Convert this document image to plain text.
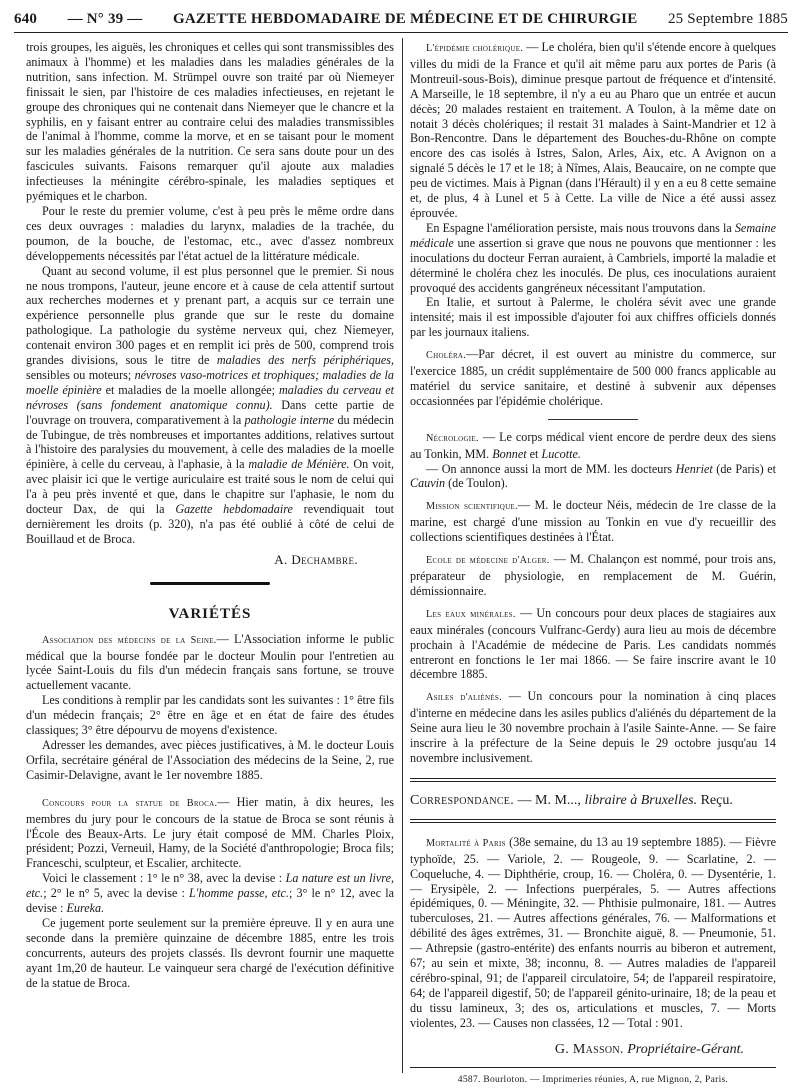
640 — N° 39 — GAZETTE HEBDOMADAIRE DE MÉDECINE ET DE CHIRURGIE 25 Septembre 1885

trois groupes, les aiguës, les chroniques et celles qui sont transmissibles des animaux à l'homme) et les maladies dans les maladies générales de la nutrition, sans infection. M. Strümpel ouvre son traité par où Niemeyer finissait le sien, par l'histoire de ces maladies infectieuses, en rejetant le groupe des chroniques qui ne contenait dans Niemeyer que le chancre et la syphilis, en y faisant entrer au contraire celui des maladies transmissibles de l'animal à l'homme, comme la morve, et en se taisant pour le moment sur les maladies générales de la nutrition. Ce sera sans doute pour un des fascicules suivants. Faisons remarquer qu'il ajoute aux maladies infectieuses la méningite cérébro-spinale, les maladies septiques et pyémiques et le charbon.

Pour le reste du premier volume, c'est à peu près le même ordre dans ces deux ouvrages : maladies du larynx, maladies de la trachée, du poumon, de la bouche, de l'estomac, etc., avec d'assez nombreux développements nécessités par l'état actuel de la littérature médicale.

Quant au second volume, il est plus personnel que le premier. Si nous ne nous trompons, l'auteur, jeune encore et à cause de cela attentif surtout aux recherches modernes et y prenant part, a acquis sur ce terrain une expérience personnelle plus grande que sur le reste du domaine pathologique. La pathologie du système nerveux qui, chez Niemeyer, contenait environ 300 pages et en remplit ici près de 500, comprend trois grandes divisions, sous le titre de maladies des nerfs périphériques, sensibles ou moteurs; névroses vaso-motrices et trophiques; maladies de la moelle épinière et maladies de la moelle allongée; maladies du cerveau et névroses (sans fondement anatomique connu). Dans cette partie de l'ouvrage on trouvera, comparativement à la pathologie interne du médecin de Tubingue, de très nombreuses et importantes additions, relatives surtout à l'histoire des paralysies du mouvement, à celle des maladies de la moelle épinière, à celle du cerveau, à l'aphasie, à la maladie de Ménière. On voit, avec plaisir ici que le vertige auriculaire est traité sous le nom de celui qui l'a à peu près inventé et que, dans le chapitre sur l'aphasie, le nom du docteur Dax, de qui la Gazette hebdomadaire revendiquait tout dernièrement les droits (p. 320), n'a pas été oublié à côté de celui de Bouillaud et de Broca.

A. Dechambre.
VARIÉTÉS

Association des médecins de la Seine.— L'Association informe le public médical que la bourse fondée par le docteur Moulin pour l'entretien au lycée Saint-Louis du fils d'un médecin français sans fortune, se trouve actuellement vacante.

Les conditions à remplir par les candidats sont les suivantes : 1° être fils d'un médecin français; 2° être en âge et en état de faire des études classiques; 3° être dépourvu de moyens d'existence.

Adresser les demandes, avec pièces justificatives, à M. le docteur Louis Orfila, secrétaire général de l'Association des médecins de la Seine, 2, rue Casimir-Delavigne, avant le 1er novembre 1885.

Concours pour la statue de Broca.— Hier matin, à dix heures, les membres du jury pour le concours de la statue de Broca se sont réunis à l'École des Beaux-Arts. Le jury était composé de MM. Charles Ploix, président; Pozzi, Verneuil, Hamy, de la Société d'anthropologie; Broca fils; Franceschi, sculpteur, et Escalier, architecte.

Voici le classement : 1° le n° 38, avec la devise : La nature est un livre, etc.; 2° le n° 5, avec la devise : L'homme passe, etc.; 3° le n° 12, avec la devise : Eureka.

Ce jugement porte seulement sur la première épreuve. Il y en aura une seconde dans la première quinzaine de décembre 1885, entre les trois concurrents, auteurs des projets classés. Ils devront fournir une maquette ayant 1m,20 de hauteur. Le vainqueur sera chargé de l'exécution définitive de la statue de Broca.

L'épidémie cholérique. — Le choléra, bien qu'il s'étende encore à quelques villes du midi de la France et qu'il ait même paru aux portes de Paris (à Montreuil-sous-Bois), diminue presque partout de fréquence et d'intensité. A Marseille, le 18 septembre, il n'y a eu au Pharo que un entrée et aucun décès; 20 malades restaient en traitement. A Toulon, à la même date on notait 3 décès cholériques; il restait 31 malades à Saint-Mandrier et 12 à Bon-Rencontre. Dans le département des Bouches-du-Rhône on compte encore des cas isolés à Istres, Salon, Arles, Aix, etc. A Avignon on a signalé 5 décès le 17 et le 18; à Nîmes, Alais, Beaucaire, on ne compte que peu de victimes. Mais à Pignan (dans l'Hérault) il y en a eu 8 cette semaine et, de plus, 4 à Lunel et 5 à Cette. La ville de Nice a été aussi assez éprouvée.

En Espagne l'amélioration persiste, mais nous trouvons dans la Semaine médicale une assertion si grave que nous ne pouvons que mentionner : les inoculations du docteur Ferran auraient, à Cambriels, importé la maladie et déterminé le choléra chez les inoculés. De plus, ces inoculations auraient provoqué des accidents gangréneux nécessitant l'amputation.

En Italie, et surtout à Palerme, le choléra sévit avec une grande intensité; mais il est impossible d'ajouter foi aux chiffres officiels donnés par les journaux italiens.

Choléra.—Par décret, il est ouvert au ministre du commerce, sur l'exercice 1885, un crédit supplémentaire de 500 000 francs applicable au matériel du service sanitaire, et destiné à subvenir aux dépenses occasionnées par l'épidémie cholérique.

Nécrologie. — Le corps médical vient encore de perdre deux des siens au Tonkin, MM. Bonnet et Lucotte.

— On annonce aussi la mort de MM. les docteurs Henriet (de Paris) et Cauvin (de Toulon).

Mission scientifique.— M. le docteur Néis, médecin de 1re classe de la marine, est chargé d'une mission au Tonkin en vue d'y recueillir des collections scientifiques destinées à l'État.

Ecole de médecine d'Alger. — M. Chalançon est nommé, pour trois ans, préparateur de physiologie, en remplacement de M. Guérin, démissionnaire.

Les eaux minérales. — Un concours pour deux places de stagiaires aux eaux minérales (concours Vulfranc-Gerdy) aura lieu au mois de décembre prochain à l'Académie de médecine de Paris. Les candidats nommés entreront en fonctions le 1er mai 1866. — Se faire inscrire avant le 10 décembre 1885.

Asiles d'aliénés. — Un concours pour la nomination à cinq places d'interne en médecine dans les asiles publics d'aliénés du département de la Seine aura lieu le 30 novembre prochain à l'asile Sainte-Anne. — Se faire inscrire à la préfecture de la Seine depuis le 29 octobre jusqu'au 14 novembre inclusivement.

Correspondance. — M. M..., libraire à Bruxelles. Reçu.

Mortalité à Paris (38e semaine, du 13 au 19 septembre 1885). — Fièvre typhoïde, 25. — Variole, 2. — Rougeole, 9. — Scarlatine, 2. — Coqueluche, 4. — Diphthérie, croup, 16. — Choléra, 0. — Dysentérie, 1. — Erysipèle, 2. — Infections puerpérales, 5. — Autres affections épidémiques, 0. — Méningite, 32. — Phthisie pulmonaire, 181. — Autres tuberculoses, 21. — Autres affections générales, 76. — Malformations et débilité des âges extrêmes, 31. — Bronchite aiguë, 8. — Pneumonie, 51. — Athrepsie (gastro-entérite) des enfants nourris au biberon et autrement, 67; au sein et mixte, 38; inconnu, 8. — Autres maladies de l'appareil cérébro-spinal, 91; de l'appareil circulatoire, 54; de l'appareil respiratoire, 64; de l'appareil digestif, 50; de l'appareil génito-urinaire, 18; de la peau et du tissu lamineux, 3; des os, articulations et muscles, 7. — Morts violentes, 23. — Causes non classées, 12 — Total : 901.

G. Masson. Propriétaire-Gérant.
4587. Bourloton. — Imprimeries réunies, A, rue Mignon, 2, Paris.
